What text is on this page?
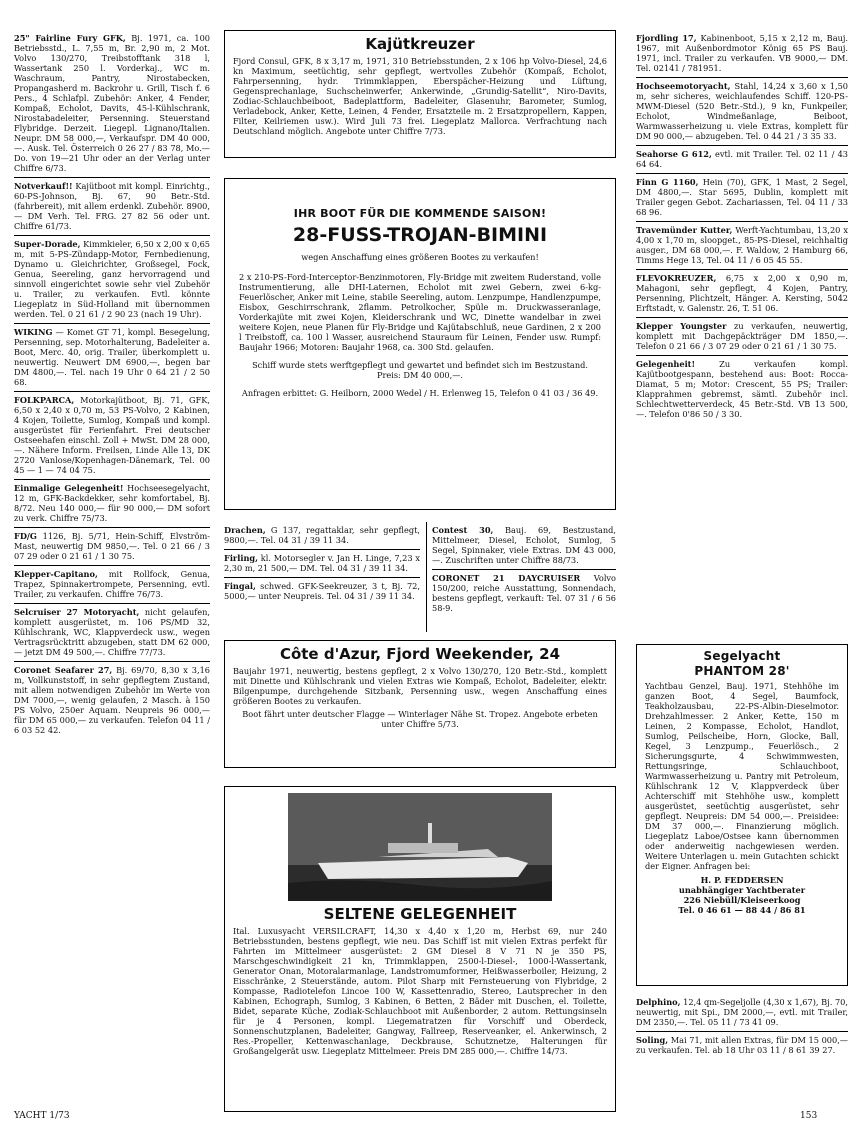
25" Fairline Fury GFK, Bj. 1971, ca. 100 Betriebsstd., L. 7,55 m, Br. 2,90 m, 2 Mot. Volvo 130/270, Treibstofftank 318 l, Wassertank 250 l. Vorderkaj., WC m. Waschraum, Pantry, Nirostabecken, Propangasherd m. Backrohr u. Grill, Tisch f. 6 Pers., 4 Schlafpl. Zubehör: Anker, 4 Fender, Kompaß, Echolot, Davits, 45-l-Kühlschrank, Nirostabadeleiter, Persenning. Steuerstand Flybridge. Derzeit. Liegepl. Lignano/Italien. Neupr. DM 58 000,—, Verkaufspr. DM 40 000,—. Ausk. Tel. Österreich 0 26 27 / 83 78, Mo.—Do. von 19—21 Uhr oder an der Verlag unter Chiffre 6/73.

Notverkauf!! Kajütboot mit kompl. Einrichtg., 60-PS-Johnson, Bj. 67, 90 Betr.-Std. (fahrbereit), mit allem erdenkl. Zubehör. 8900,— DM Verh. Tel. FRG. 27 82 56 oder unt. Chiffre 61/73.

Super-Dorade, Kimmkieler, 6,50 x 2,00 x 0,65 m, mit 5-PS-Zündapp-Motor, Fernbedienung, Dynamo u. Gleichrichter, Großsegel, Fock, Genua, Seereling, ganz hervorragend und sinnvoll eingerichtet sowie sehr viel Zubehör u. Trailer, zu verkaufen. Evtl. könnte Liegeplatz in Süd-Holland mit übernommen werden. Tel. 0 21 61 / 2 90 23 (nach 19 Uhr).

WIKING — Komet GT 71, kompl. Besegelung, Persenning, sep. Motorhalterung, Badeleiter a. Boot, Merc. 40, orig. Trailer, überkomplett u. neuwertig. Neuwert DM 6900,—, begen bar DM 4800,—. Tel. nach 19 Uhr 0 64 21 / 2 50 68.

FOLKPARCA, Motorkajütboot, Bj. 71, GFK, 6,50 x 2,40 x 0,70 m, 53 PS-Volvo, 2 Kabinen, 4 Kojen, Toilette, Sumlog, Kompaß und kompl. ausgerüstet für Ferienfahrt. Frei deutscher Ostseehafen einschl. Zoll + MwSt. DM 28 000,—. Nähere Inform. Freilsen, Linde Alle 13, DK 2720 Vanlose/Kopenhagen-Dänemark, Tel. 00 45 — 1 — 74 04 75.

Einmalige Gelegenheit! Hochseesegelyacht, 12 m, GFK-Backdekker, sehr komfortabel, Bj. 8/72. Neu 140 000,— für 90 000,— DM sofort zu verk. Chiffre 75/73.

FD/G 1126, Bj. 5/71, Hein-Schiff, Elvström-Mast, neuwertig DM 9850,—. Tel. 0 21 66 / 3 07 29 oder 0 21 61 / 1 30 75.

Klepper-Capitano, mit Rollfock, Genua, Trapez, Spinnakertrompete, Persenning, evtl. Trailer, zu verkaufen. Chiffre 76/73.

Selcruiser 27 Motoryacht, nicht gelaufen, komplett ausgerüstet, m. 106 PS/MD 32, Kühlschrank, WC, Klappverdeck usw., wegen Vertragsrücktritt abzugeben, statt DM 62 000,— jetzt DM 49 500,—. Chiffre 77/73.

Coronet Seafarer 27, Bj. 69/70, 8,30 x 3,16 m, Vollkunststoff, in sehr gepflegtem Zustand, mit allem notwendigen Zubehör im Werte von DM 7000,—, wenig gelaufen, 2 Masch. à 150 PS Volvo, 250er Aquam. Neupreis 96 000,— für DM 65 000,— zu verkaufen. Telefon 04 11 / 6 03 52 42.

Kajütkreuzer

Fjord Consul, GFK, 8 x 3,17 m, 1971, 310 Betriebsstunden, 2 x 106 hp Volvo-Diesel, 24,6 kn Maximum, seetüchtig, sehr gepflegt, wertvolles Zubehör (Kompaß, Echolot, Fahrpersenning, hydr. Trimmklappen, Eberspächer-Heizung und Lüftung, Gegensprechanlage, Suchscheinwerfer, Ankerwinde, „Grundig-Satellit“, Niro-Davits, Zodiac-Schlauchbeiboot, Badeplattform, Badeleiter, Glasenuhr, Barometer, Sumlog, Verladebock, Anker, Kette, Leinen, 4 Fender, Ersatzteile m. 2 Ersatzpropellern, Kappen, Filter, Keilriemen usw.). Wird Juli 73 frei. Liegeplatz Mallorca. Verfrachtung nach Deutschland möglich. Angebote unter Chiffre 7/73.

IHR BOOT FÜR DIE KOMMENDE SAISON!
28-FUSS-TROJAN-BIMINI

wegen Anschaffung eines größeren Bootes zu verkaufen!

2 x 210-PS-Ford-Interceptor-Benzinmotoren, Fly-Bridge mit zweitem Ruderstand, volle Instrumentierung, alle DHI-Laternen, Echolot mit zwei Gebern, zwei 6-kg-Feuerlöscher, Anker mit Leine, stabile Seereling, autom. Lenzpumpe, Handlenzpumpe, Eisbox, Geschirrschrank, 2flamm. Petrolkocher, Spüle m. Druckwasseranlage, Vorderkajüte mit zwei Kojen, Kleiderschrank und WC, Dinette wandelbar in zwei weitere Kojen, neue Planen für Fly-Bridge und Kajütabschluß, neue Gardinen, 2 x 200 l Treibstoff, ca. 100 l Wasser, ausreichend Stauraum für Leinen, Fender usw. Rumpf: Baujahr 1966; Motoren: Baujahr 1968, ca. 300 Std. gelaufen.

Schiff wurde stets werftgepflegt und gewartet und befindet sich im Bestzustand. Preis: DM 40 000,—.

Anfragen erbittet: G. Heilborn, 2000 Wedel / H. Erlenweg 15, Telefon 0 41 03 / 36 49.

Drachen, G 137, regattaklar, sehr gepflegt, 9800,—. Tel. 04 31 / 39 11 34.

Firling, kl. Motorsegler v. Jan H. Linge, 7,23 x 2,30 m, 21 500,— DM. Tel. 04 31 / 39 11 34.

Fingal, schwed. GFK-Seekreuzer, 3 t, Bj. 72, 5000,— unter Neupreis. Tel. 04 31 / 39 11 34.

Contest 30, Bauj. 69, Bestzustand, Mittelmeer, Diesel, Echolot, Sumlog, 5 Segel, Spinnaker, viele Extras. DM 43 000,—. Zuschriften unter Chiffre 88/73.

CORONET 21 DAYCRUISER Volvo 150/200, reiche Ausstattung, Sonnendach, bestens gepflegt, verkauft: Tel. 07 31 / 6 56 58-9.

Côte d'Azur, Fjord Weekender, 24

Baujahr 1971, neuwertig, bestens gepflegt, 2 x Volvo 130/270, 120 Betr.-Std., komplett mit Dinette und Kühlschrank und vielen Extras wie Kompaß, Echolot, Badeleiter, elektr. Bilgenpumpe, durchgehende Sitzbank, Persenning usw., wegen Anschaffung eines größeren Bootes zu verkaufen.

Boot fährt unter deutscher Flagge — Winterlager Nähe St. Tropez. Angebote erbeten unter Chiffre 5/73.

SELTENE GELEGENHEIT

Ital. Luxusyacht VERSILCRAFT, 14,30 x 4,40 x 1,20 m, Herbst 69, nur 240 Betriebsstunden, bestens gepflegt, wie neu. Das Schiff ist mit vielen Extras perfekt für Fahrten im Mittelmeer ausgerüstet: 2 GM Diesel 8 V 71 N je 350 PS, Marschgeschwindigkeit 21 kn, Trimmklappen, 2500-l-Diesel-, 1000-l-Wassertank, Generator Onan, Motoralarmanlage, Landstromumformer, Heißwasserboiler, Heizung, 2 Eisschränke, 2 Steuerstände, autom. Pilot Sharp mit Fernsteuerung von Flybridge, 2 Kompasse, Radiotelefon Lincoe 100 W, Kassettenradio, Stereo, Lautsprecher in den Kabinen, Echograph, Sumlog, 3 Kabinen, 6 Betten, 2 Bäder mit Duschen, el. Toilette, Bidet, separate Küche, Zodiak-Schlauchboot mit Außenborder, 2 autom. Rettungsinseln für je 4 Personen, kompl. Liegematratzen für Vorschiff und Oberdeck, Sonnenschutzplanen, Badeleiter, Gangway, Fallreep, Reserveanker, el. Ankerwinsch, 2 Res.-Propeller, Kettenwaschanlage, Deckbrause, Schutznetze, Halterungen für Großangelgerät usw. Liegeplatz Mittelmeer. Preis DM 285 000,—. Chiffre 14/73.

Fjordling 17, Kabinenboot, 5,15 x 2,12 m, Bauj. 1967, mit Außenbordmotor König 65 PS Bauj. 1971, incl. Trailer zu verkaufen. VB 9000,— DM. Tel. 02141 / 781951.

Hochseemotoryacht, Stahl, 14,24 x 3,60 x 1,50 m, sehr sicheres, weichlaufendes Schiff. 120-PS-MWM-Diesel (520 Betr.-Std.), 9 kn, Funkpeiler, Echolot, Windmeßanlage, Beiboot, Warmwasserheizung u. viele Extras, komplett für DM 90 000,— abzugeben. Tel. 0 44 21 / 3 35 33.

Seahorse G 612, evtl. mit Trailer. Tel. 02 11 / 43 64 64.

Finn G 1160, Hein (70), GFK, 1 Mast, 2 Segel, DM 4800,—. Star 5695, Dublin, komplett mit Trailer gegen Gebot. Zachariassen, Tel. 04 11 / 33 68 96.

Travemünder Kutter, Werft-Yachtumbau, 13,20 x 4,00 x 1,70 m, sloopget., 85-PS-Diesel, reichhaltig ausger., DM 68 000,—. F. Waldow, 2 Hamburg 66, Timms Hege 13, Tel. 04 11 / 6 05 45 55.

FLEVOKREUZER, 6,75 x 2,00 x 0,90 m, Mahagoni, sehr gepflegt, 4 Kojen, Pantry, Persenning, Plichtzelt, Hänger. A. Kersting, 5042 Erftstadt, v. Galenstr. 26, T. 51 06.

Klepper Youngster zu verkaufen, neuwertig, komplett mit Dachgepäckträger DM 1850,—. Telefon 0 21 66 / 3 07 29 oder 0 21 61 / 1 30 75.

Gelegenheit! Zu verkaufen kompl. Kajütbootgespann, bestehend aus: Boot: Rocca-Diamat, 5 m; Motor: Crescent, 55 PS; Trailer: Klapprahmen gebremst, sämtl. Zubehör incl. Schlechtwetterverdeck, 45 Betr.-Std. VB 13 500,—. Telefon 0'86 50 / 3 30.

Segelyacht
PHANTOM 28'

Yachtbau Genzel, Bauj. 1971, Stehhöhe im ganzen Boot, 4 Segel, Baumfock, Teakholzausbau, 22-PS-Albin-Dieselmotor. Drehzahlmesser. 2 Anker, Kette, 150 m Leinen, 2 Kompasse, Echolot, Handlot, Sumlog, Peilscheibe, Horn, Glocke, Ball, Kegel, 3 Lenzpump., Feuerlösch., 2 Sicherungsgurte, 4 Schwimmwesten, Rettungsringe, Schlauchboot, Warmwasserheizung u. Pantry mit Petroleum, Kühlschrank 12 V, Klappverdeck über Achterschiff mit Stehhöhe usw., komplett ausgerüstet, seetüchtig ausgerüstet, sehr gepflegt. Neupreis: DM 54 000,—. Preisidee: DM 37 000,—. Finanzierung möglich. Liegeplatz Laboe/Ostsee kann übernommen oder anderweitig nachgewiesen werden. Weitere Unterlagen u. mein Gutachten schickt der Eigner. Anfragen bei:

H. P. FEDDERSEN

unabhängiger Yachtberater

226 Niebüll/Kleiseerkoog

Tel. 0 46 61 — 88 44 / 86 81

Delphino, 12,4 qm-Segeljolle (4,30 x 1,67), Bj. 70, neuwertig, mit Spi., DM 2000,—, evtl. mit Trailer, DM 2350,—. Tel. 05 11 / 73 41 09.

Soling, Mai 71, mit allen Extras, für DM 15 000,— zu verkaufen. Tel. ab 18 Uhr 03 11 / 8 61 39 27.

YACHT 1/73	153
